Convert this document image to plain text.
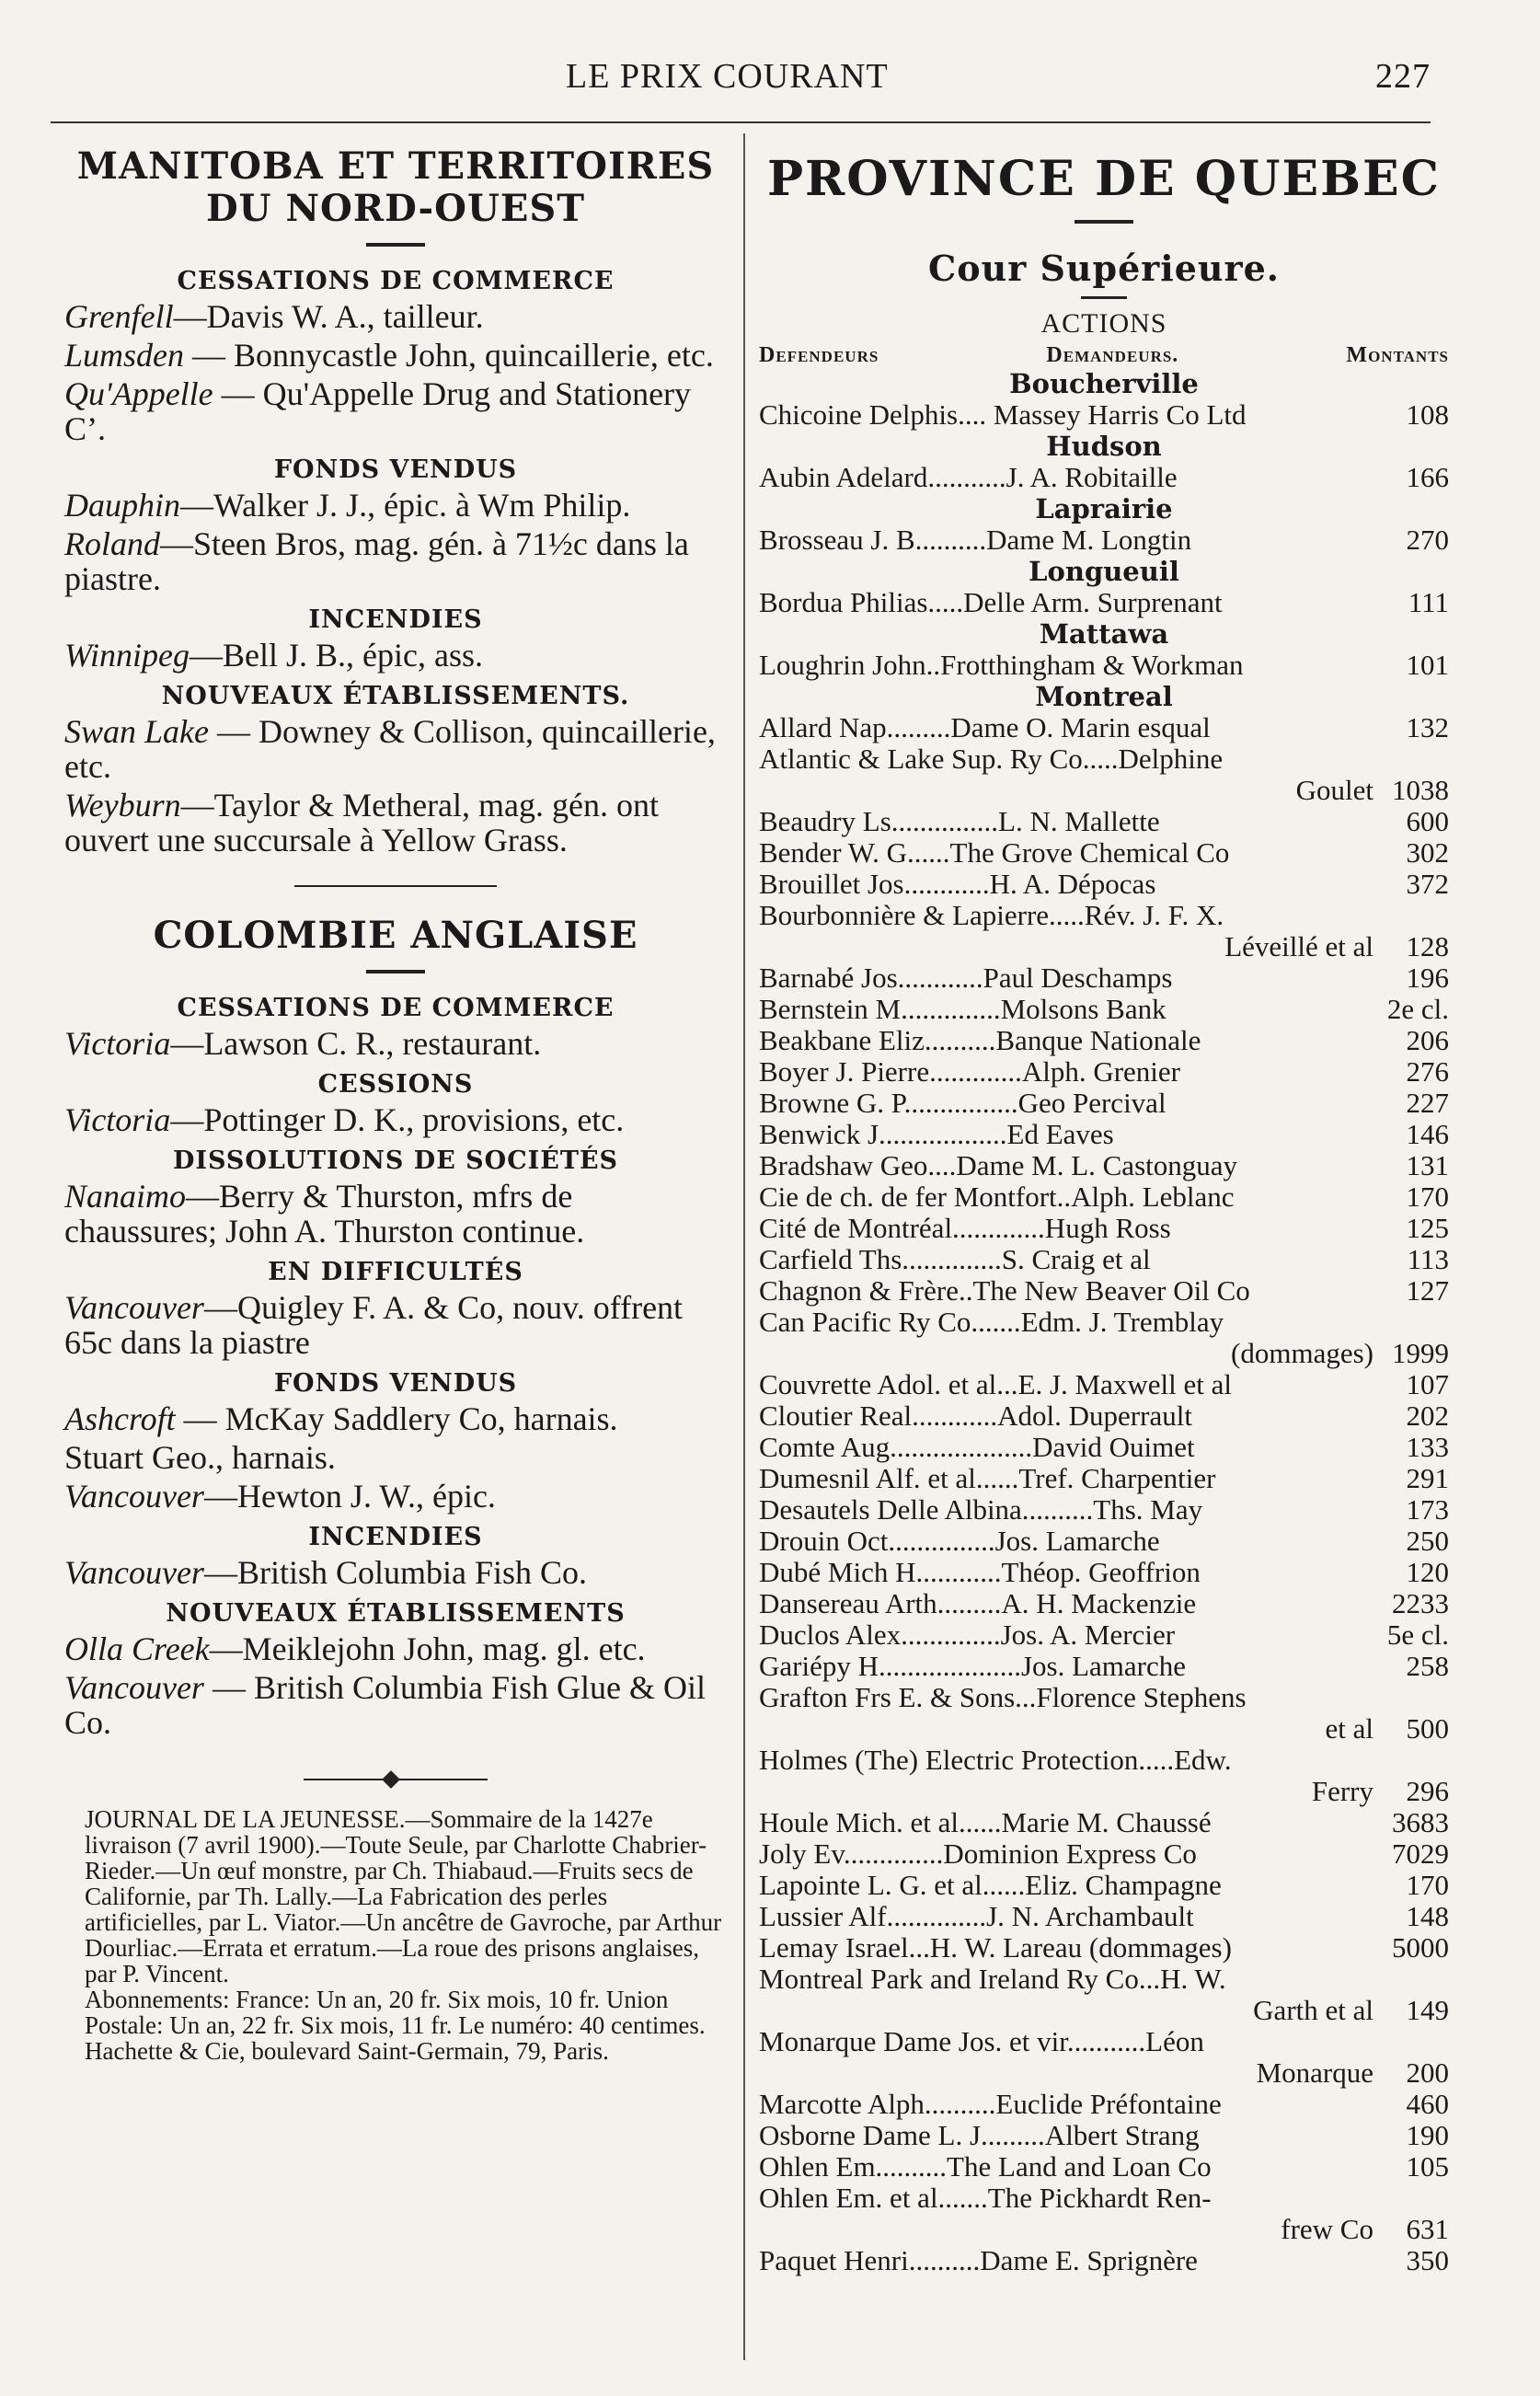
LE PRIX COURANT	227
MANITOBA ET TERRITOIRES
DU NORD-OUEST
CESSATIONS DE COMMERCE
Grenfell—Davis W. A., tailleur.
Lumsden — Bonnycastle John, quincaillerie, etc.
Qu'Appelle — Qu'Appelle Drug and Stationery C’.
FONDS VENDUS
Dauphin—Walker J. J., épic. à Wm Philip.
Roland—Steen Bros, mag. gén. à 71½c dans la piastre.
INCENDIES
Winnipeg—Bell J. B., épic, ass.
NOUVEAUX ÉTABLISSEMENTS.
Swan Lake — Downey & Collison, quincaillerie, etc.
Weyburn—Taylor & Metheral, mag. gén. ont ouvert une succursale à Yellow Grass.
COLOMBIE ANGLAISE
CESSATIONS DE COMMERCE
Victoria—Lawson C. R., restaurant.
CESSIONS
Victoria—Pottinger D. K., provisions, etc.
DISSOLUTIONS DE SOCIÉTÉS
Nanaimo—Berry & Thurston, mfrs de chaussures; John A. Thurston continue.
EN DIFFICULTÉS
Vancouver—Quigley F. A. & Co, nouv. offrent 65c dans la piastre
FONDS VENDUS
Ashcroft — McKay Saddlery Co, harnais.
Stuart Geo., harnais.
Vancouver—Hewton J. W., épic.
INCENDIES
Vancouver—British Columbia Fish Co.
NOUVEAUX ÉTABLISSEMENTS
Olla Creek—Meiklejohn John, mag. gl. etc.
Vancouver — British Columbia Fish Glue & Oil Co.
JOURNAL DE LA JEUNESSE.—Sommaire de la 1427e livraison (7 avril 1900).—Toute Seule, par Charlotte Chabrier-Rieder.—Un œuf monstre, par Ch. Thiabaud.—Fruits secs de Californie, par Th. Lally.—La Fabrication des perles artificielles, par L. Viator.—Un ancêtre de Gavroche, par Arthur Dourliac.—Errata et erratum.—La roue des prisons anglaises, par P. Vincent.
Abonnements: France: Un an, 20 fr. Six mois, 10 fr. Union Postale: Un an, 22 fr. Six mois, 11 fr. Le numéro: 40 centimes.
Hachette & Cie, boulevard Saint-Germain, 79, Paris.
PROVINCE DE QUEBEC
Cour Supérieure.
ACTIONS
Defendeurs	Demandeurs.	Montants
Boucherville
Chicoine Delphis.... Massey Harris Co Ltd	108
Hudson
Aubin Adelard...........J. A. Robitaille	166
Laprairie
Brosseau J. B..........Dame M. Longtin	270
Longueuil
Bordua Philias.....Delle Arm. Surprenant	111
Mattawa
Loughrin John..Frotthingham & Workman	101
Montreal
Allard Nap.........Dame O. Marin esqual	132
Atlantic & Lake Sup. Ry Co.....Delphine
Goulet 1038
Beaudry Ls...............L. N. Mallette	600
Bender W. G......The Grove Chemical Co	302
Brouillet Jos............H. A. Dépocas	372
Bourbonnière & Lapierre.....Rév. J. F. X.
Léveillé et al	128
Barnabé Jos............Paul Deschamps	196
Bernstein M..............Molsons Bank	2e cl.
Beakbane Eliz..........Banque Nationale	206
Boyer J. Pierre.............Alph. Grenier	276
Browne G. P................Geo Percival	227
Benwick J..................Ed Eaves	146
Bradshaw Geo....Dame M. L. Castonguay	131
Cie de ch. de fer Montfort..Alph. Leblanc	170
Cité de Montréal.............Hugh Ross	125
Carfield Ths..............S. Craig et al	113
Chagnon & Frère..The New Beaver Oil Co	127
Can Pacific Ry Co.......Edm. J. Tremblay
(dommages) 1999
Couvrette Adol. et al...E. J. Maxwell et al	107
Cloutier Real............Adol. Duperrault	202
Comte Aug....................David Ouimet	133
Dumesnil Alf. et al......Tref. Charpentier	291
Desautels Delle Albina..........Ths. May	173
Drouin Oct...............Jos. Lamarche	250
Dubé Mich H............Théop. Geoffrion	120
Dansereau Arth.........A. H. Mackenzie	2233
Duclos Alex..............Jos. A. Mercier	5e cl.
Gariépy H....................Jos. Lamarche	258
Grafton Frs E. & Sons...Florence Stephens
et al	500
Holmes (The) Electric Protection.....Edw.
Ferry	296
Houle Mich. et al......Marie M. Chaussé	3683
Joly Ev..............Dominion Express Co	7029
Lapointe L. G. et al......Eliz. Champagne	170
Lussier Alf..............J. N. Archambault	148
Lemay Israel...H. W. Lareau (dommages)	5000
Montreal Park and Ireland Ry Co...H. W.
Garth et al	149
Monarque Dame Jos. et vir...........Léon
Monarque	200
Marcotte Alph..........Euclide Préfontaine	460
Osborne Dame L. J.........Albert Strang	190
Ohlen Em..........The Land and Loan Co	105
Ohlen Em. et al.......The Pickhardt Ren-
frew Co	631
Paquet Henri..........Dame E. Sprignère	350
